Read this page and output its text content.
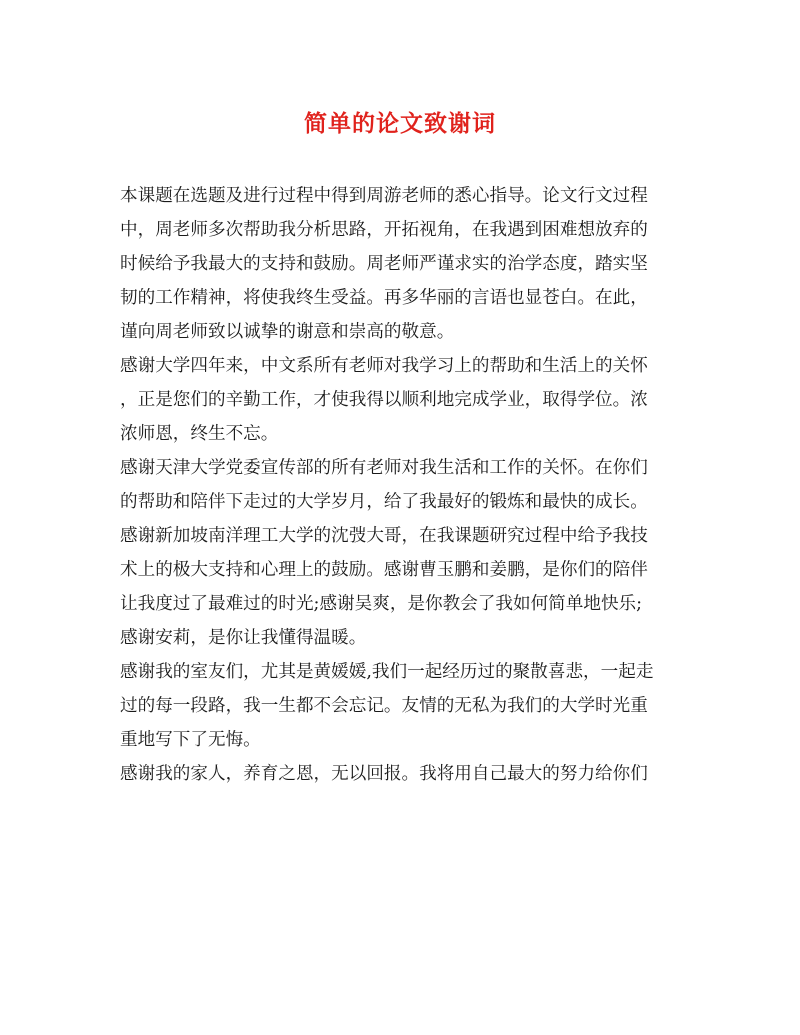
简单的论文致谢词
本课题在选题及进行过程中得到周游老师的悉心指导。论文行文过程
中，周老师多次帮助我分析思路，开拓视角，在我遇到困难想放弃的
时候给予我最大的支持和鼓励。周老师严谨求实的治学态度，踏实坚
韧的工作精神，将使我终生受益。再多华丽的言语也显苍白。在此，
谨向周老师致以诚挚的谢意和崇高的敬意。
感谢大学四年来，中文系所有老师对我学习上的帮助和生活上的关怀
，正是您们的辛勤工作，才使我得以顺利地完成学业，取得学位。浓
浓师恩，终生不忘。
感谢天津大学党委宣传部的所有老师对我生活和工作的关怀。在你们
的帮助和陪伴下走过的大学岁月，给了我最好的锻炼和最快的成长。
感谢新加坡南洋理工大学的沈弢大哥，在我课题研究过程中给予我技
术上的极大支持和心理上的鼓励。感谢曹玉鹏和姜鹏，是你们的陪伴
让我度过了最难过的时光;感谢吴爽，是你教会了我如何简单地快乐;
感谢安莉，是你让我懂得温暖。
感谢我的室友们，尤其是黄媛媛,我们一起经历过的聚散喜悲，一起走
过的每一段路，我一生都不会忘记。友情的无私为我们的大学时光重
重地写下了无悔。
感谢我的家人，养育之恩，无以回报。我将用自己最大的努力给你们
